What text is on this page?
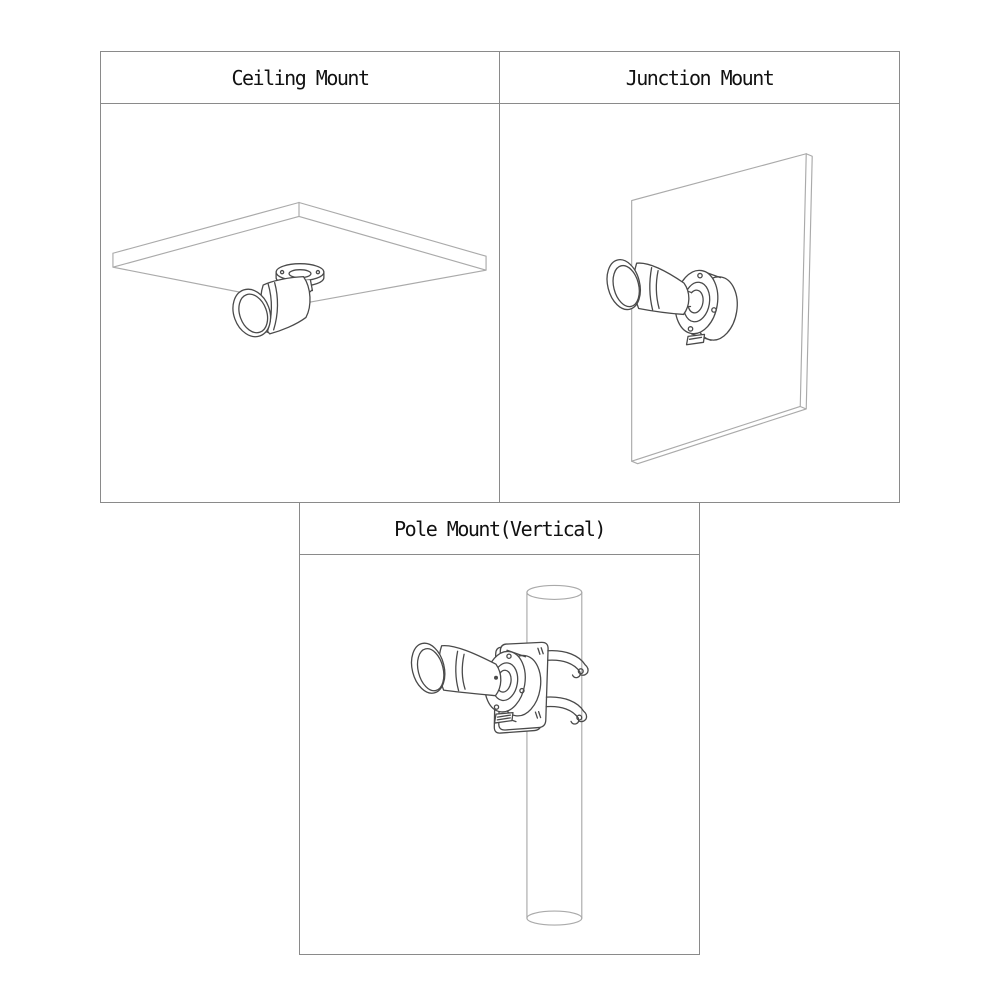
Ceiling Mount	Junction Mount
Pole Mount(Vertical)
